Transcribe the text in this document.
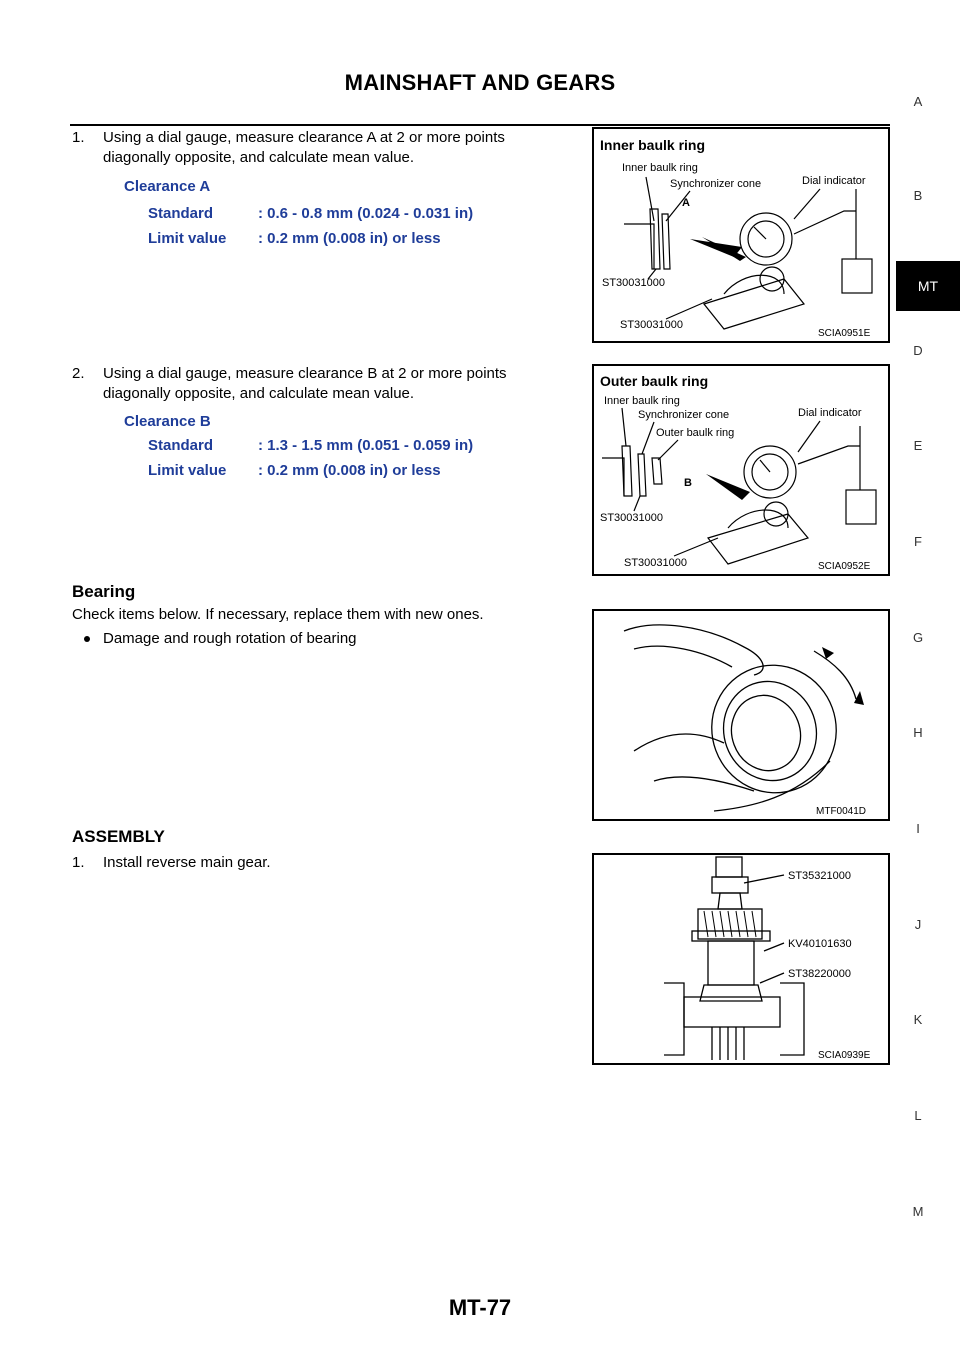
MAINSHAFT AND GEARS
1. Using a dial gauge, measure clearance A at 2 or more points
diagonally opposite, and calculate mean value.
Clearance A
Standard	: 0.6 - 0.8 mm (0.024 - 0.031 in)
Limit value : 0.2 mm (0.008 in) or less
Inner baulk ring
Inner baulk ring
Synchronizer cone	Dial indicator
A
ST30031000
ST30031000
SCIA0951E
2. Using a dial gauge, measure clearance B at 2 or more points
diagonally opposite, and calculate mean value.
Clearance B
Standard	: 1.3 - 1.5 mm (0.051 - 0.059 in)
Limit value : 0.2 mm (0.008 in) or less
Outer baulk ring
Inner baulk ring
Synchronizer cone
Outer baulk ring
Dial indicator
B
ST30031000
ST30031000	SCIA0952E
Bearing
Check items below. If necessary, replace them with new ones.
Damage and rough rotation of bearing
MTF0041D
ASSEMBLY
1. Install reverse main gear.
ST35321000
KV40101630
ST38220000
SCIA0939E
A
B
MT
D
E
F
G
H
I
J
K
L
M
MT-77
